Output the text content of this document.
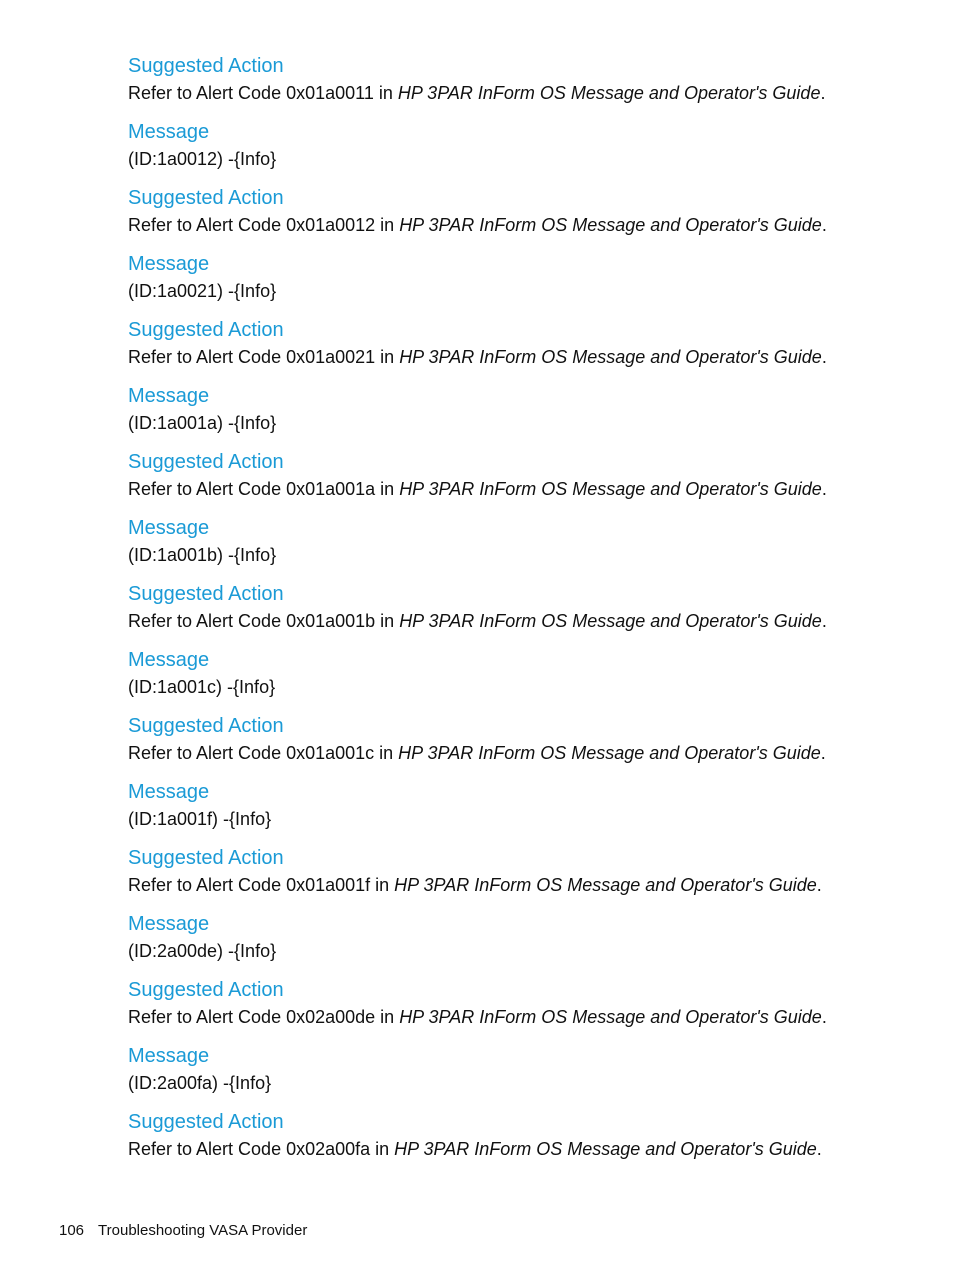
Suggested Action
Refer to Alert Code 0x01a0011 in HP 3PAR InForm OS Message and Operator's Guide.
Message
(ID:1a0012) -{Info}
Suggested Action
Refer to Alert Code 0x01a0012 in HP 3PAR InForm OS Message and Operator's Guide.
Message
(ID:1a0021) -{Info}
Suggested Action
Refer to Alert Code 0x01a0021 in HP 3PAR InForm OS Message and Operator's Guide.
Message
(ID:1a001a) -{Info}
Suggested Action
Refer to Alert Code 0x01a001a in HP 3PAR InForm OS Message and Operator's Guide.
Message
(ID:1a001b) -{Info}
Suggested Action
Refer to Alert Code 0x01a001b in HP 3PAR InForm OS Message and Operator's Guide.
Message
(ID:1a001c) -{Info}
Suggested Action
Refer to Alert Code 0x01a001c in HP 3PAR InForm OS Message and Operator's Guide.
Message
(ID:1a001f) -{Info}
Suggested Action
Refer to Alert Code 0x01a001f in HP 3PAR InForm OS Message and Operator's Guide.
Message
(ID:2a00de) -{Info}
Suggested Action
Refer to Alert Code 0x02a00de in HP 3PAR InForm OS Message and Operator's Guide.
Message
(ID:2a00fa) -{Info}
Suggested Action
Refer to Alert Code 0x02a00fa in HP 3PAR InForm OS Message and Operator's Guide.
106 Troubleshooting VASA Provider
